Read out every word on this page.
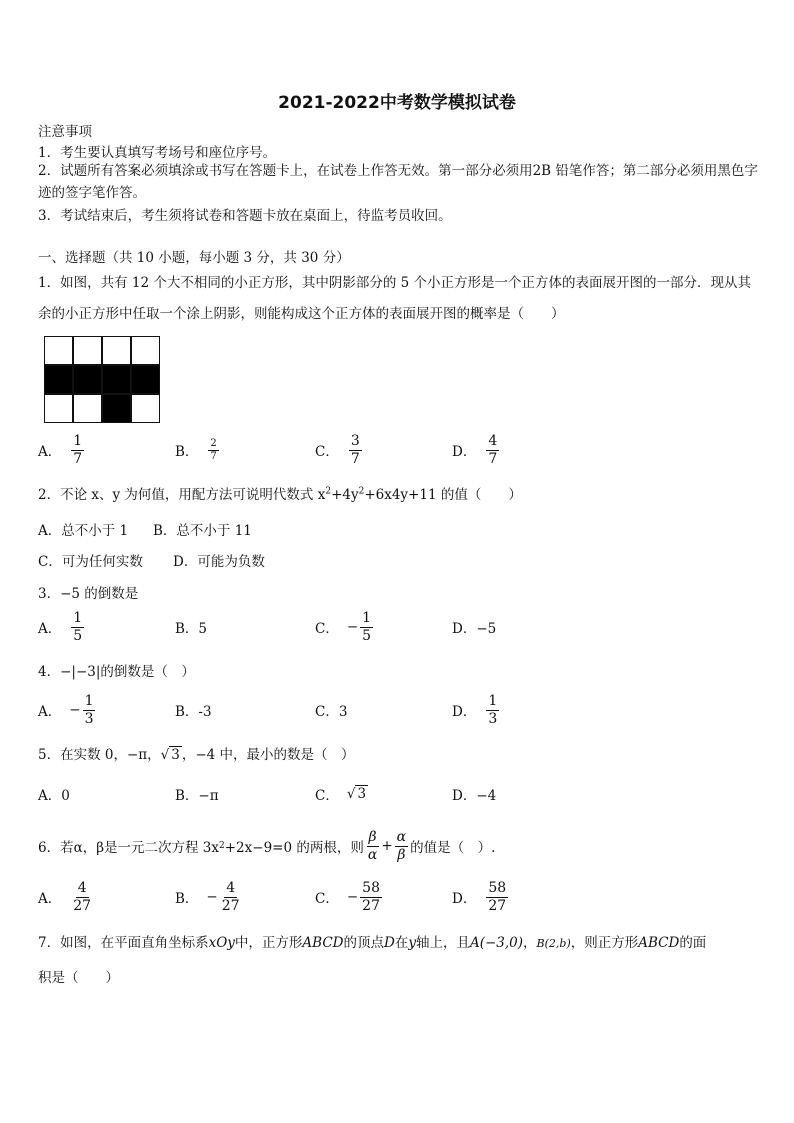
2021-2022中考数学模拟试卷
注意事项
1．考生要认真填写考场号和座位序号。
2．试题所有答案必须填涂或书写在答题卡上，在试卷上作答无效。第一部分必须用2B 铅笔作答；第二部分必须用黑色字迹的签字笔作答。
3．考试结束后，考生须将试卷和答题卡放在桌面上，待监考员收回。
一、选择题（共 10 小题，每小题 3 分，共 30 分）
1．如图，共有 12 个大不相同的小正方形，其中阴影部分的 5 个小正方形是一个正方体的表面展开图的一部分．现从其余的小正方形中任取一个涂上阴影，则能构成这个正方体的表面展开图的概率是（　　）
A． $\frac{1}{7}$	B． $\frac{2}{7}$	C． $\frac{3}{7}$	D． $\frac{4}{7}$
2．不论 x、y 为何值，用配方法可说明代数式 $x^2+4y^2+6x4y+11$ 的值（　　）
A．总不小于 1 B．总不小于 11
C．可为任何实数 D．可能为负数
3．−5 的倒数是
A． $\frac{1}{5}$	B．5	C． − $\frac{1}{5}$	D．−5
4．−|−3|的倒数是（　）
A． − $\frac{1}{3}$	B．-3	C．3	D． $\frac{1}{3}$
5．在实数 0，−π，√ 3 ，−4 中，最小的数是（　）
A．0	B．−π	C． √ 3	D．−4
6．若α，β是一元二次方程 3x 2 +2x−9=0 的两根，则 $\frac{\beta}{\alpha} + \frac{\alpha}{\beta}$ 的值是（　）.
A． $\frac{4}{27}$	B． − $\frac{4}{27}$	C． − $\frac{58}{27}$	D． $\frac{58}{27}$
7．如图，在平面直角坐标系xOy中，正方形ABCD的顶点D在y轴上，且A(−3,0)，B(2,b)，则正方形ABCD的面
积是（　　）
